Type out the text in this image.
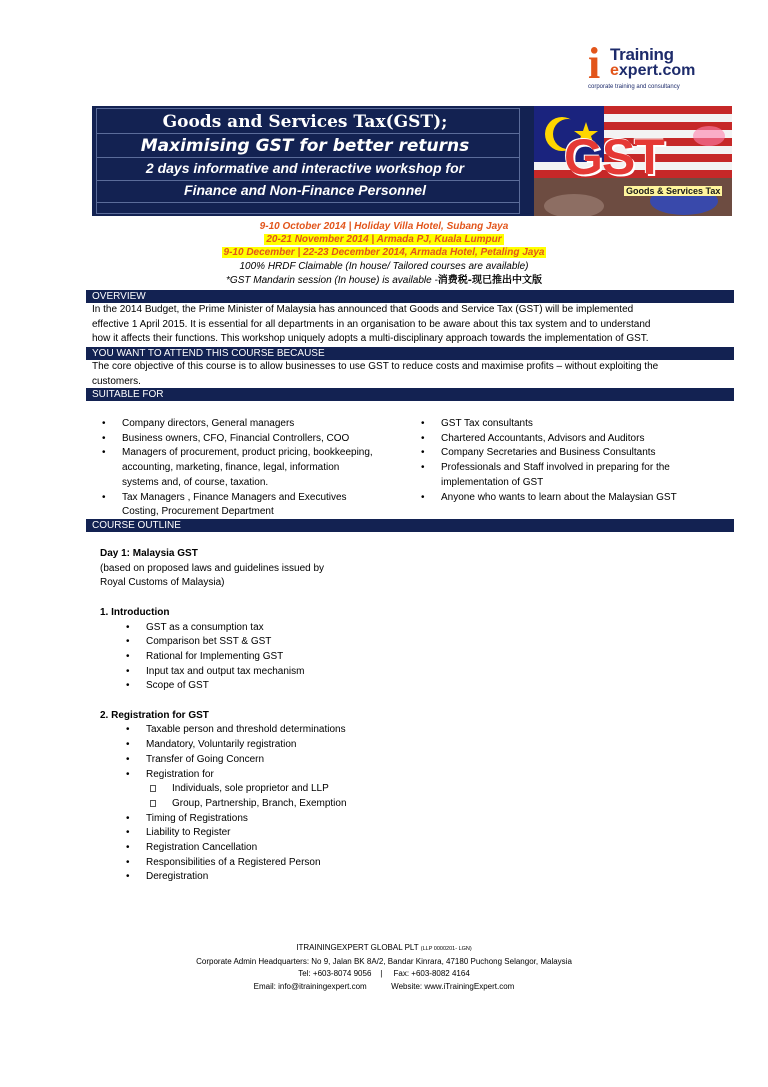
i Training
expert.com
corporate training and consultancy
Goods and Services Tax(GST);
Maximising GST for better returns
2 days informative and interactive workshop for
Finance and Non-Finance Personnel
GST
Goods & Services Tax
9-10 October 2014 | Holiday Villa Hotel, Subang Jaya
20-21 November 2014 | Armada PJ, Kuala Lumpur
9-10 December | 22-23 December 2014, Armada Hotel, Petaling Jaya
100% HRDF Claimable (In house/ Tailored courses are available)
*GST Mandarin session (In house) is available -消费税-现已推出中文版
OVERVIEW
In the 2014 Budget, the Prime Minister of Malaysia has announced that Goods and Service Tax (GST) will be implemented
effective 1 April 2015. It is essential for all departments in an organisation to be aware about this tax system and to understand
how it affects their functions. This workshop uniquely adopts a multi-disciplinary approach towards the implementation of GST.
YOU WANT TO ATTEND THIS COURSE BECAUSE
The core objective of this course is to allow businesses to use GST to reduce costs and maximise profits – without exploiting the
customers.
SUITABLE FOR
• Company directors, General managers
• Business owners, CFO, Financial Controllers, COO
• Managers of procurement, product pricing, bookkeeping,
accounting, marketing, finance, legal, information
systems and, of course, taxation.
• Tax Managers , Finance Managers and Executives
Costing, Procurement Department
• GST Tax consultants
• Chartered Accountants, Advisors and Auditors
• Company Secretaries and Business Consultants
• Professionals and Staff involved in preparing for the
implementation of GST
• Anyone who wants to learn about the Malaysian GST
COURSE OUTLINE
Day 1: Malaysia GST
(based on proposed laws and guidelines issued by
Royal Customs of Malaysia)
1. Introduction
• GST as a consumption tax
• Comparison bet SST & GST
• Rational for Implementing GST
• Input tax and output tax mechanism
• Scope of GST
2. Registration for GST
• Taxable person and threshold determinations
• Mandatory, Voluntarily registration
• Transfer of Going Concern
• Registration for
Individuals, sole proprietor and LLP
Group, Partnership, Branch, Exemption
• Timing of Registrations
• Liability to Register
• Registration Cancellation
• Responsibilities of a Registered Person
• Deregistration
ITRAININGEXPERT GLOBAL PLT (LLP 0000201- LGN)
Corporate Admin Headquarters: No 9, Jalan BK 8A/2, Bandar Kinrara, 47180 Puchong Selangor, Malaysia
Tel: +603-8074 9056 | Fax: +603-8082 4164
Email: info@itrainingexpert.com	Website: www.iTrainingExpert.com
